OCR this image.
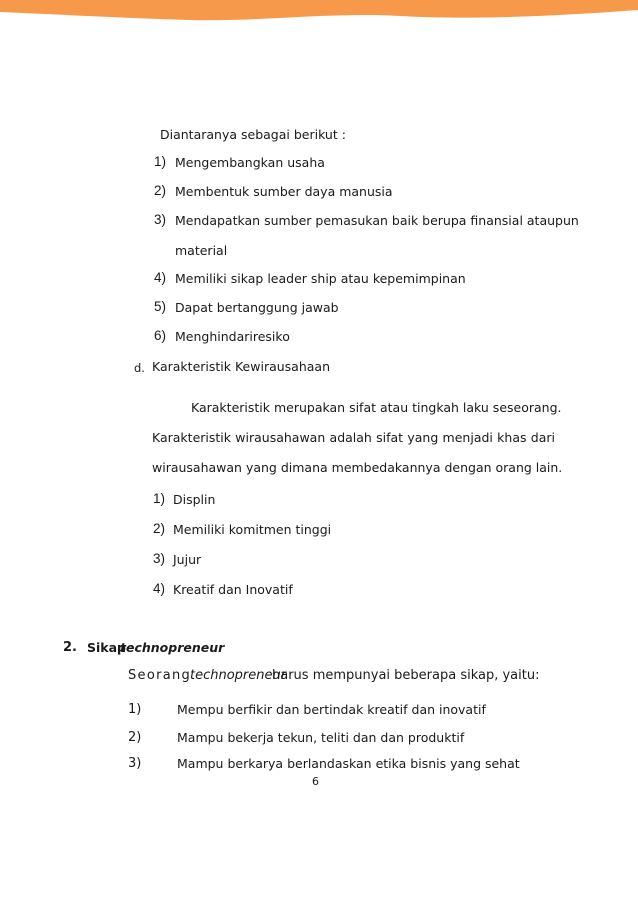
Diantaranya sebagai berikut :
1) Mengembangkan usaha
2) Membentuk sumber daya manusia
3) Mendapatkan sumber pemasukan baik berupa finansial ataupun
material
4) Memiliki sikap leader ship atau kepemimpinan
5) Dapat bertanggung jawab
6) Menghindariresiko
d. Karakteristik Kewirausahaan
Karakteristik merupakan sifat atau tingkah laku seseorang.
Karakteristik wirausahawan adalah sifat yang menjadi khas dari
wirausahawan yang dimana membedakannya dengan orang lain.
1) Displin
2) Memiliki komitmen tinggi
3) Jujur
4) Kreatif dan Inovatif
2. Sikap
technopreneur
Seorang
technopreneur
harus mempunyai beberapa sikap, yaitu:
1)	Mempu berfikir dan bertindak kreatif dan inovatif
2)	Mampu bekerja tekun, teliti dan dan produktif
3)	Mampu berkarya berlandaskan etika bisnis yang sehat
6
